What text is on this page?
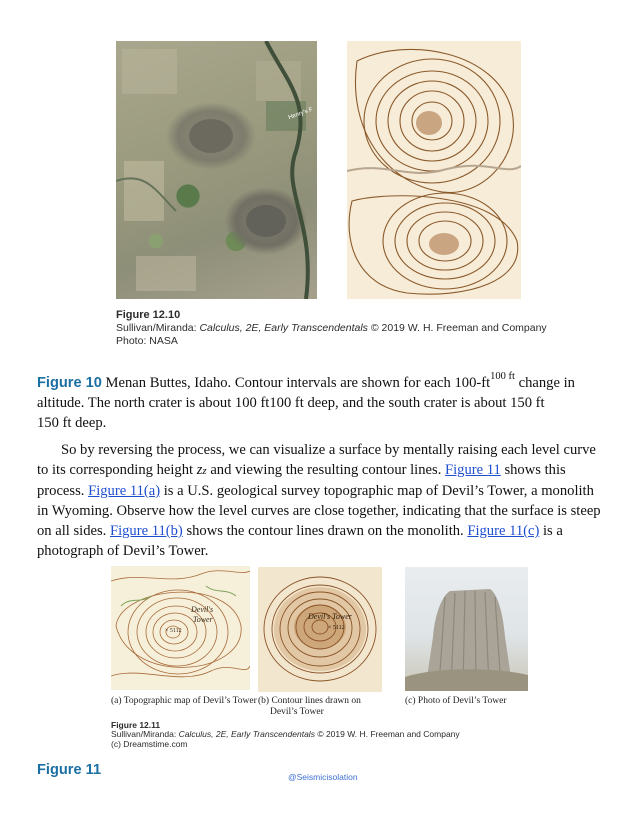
Henry's F
Figure 12.10
Sullivan/Miranda: Calculus, 2E, Early Transcendentals © 2019 W. H. Freeman and Company
Photo: NASA
Figure 10 Menan Buttes, Idaho. Contour intervals are shown for each $100-ft^{100 ft}$ change in altitude. The north crater is about 100 ft100 ft deep, and the south crater is about 150 ft
150 ft deep.
So by reversing the process, we can visualize a surface by mentally raising each level curve to its corresponding height zz and viewing the resulting contour lines. Figure 11 shows this process. Figure 11(a) is a U.S. geological survey topographic map of Devil’s Tower, a monolith in Wyoming. Observe how the level curves are close together, indicating that the surface is steep on all sides. Figure 11(b) shows the contour lines drawn on the monolith. Figure 11(c) is a photograph of Devil’s Tower.
Devil's
Tower
× 5112
Devil's Tower
× 5112
(a) Topographic map of Devil’s Tower (b) Contour lines drawn on
Devil’s Tower
(c) Photo of Devil’s Tower
Figure 12.11
Sullivan/Miranda: Calculus, 2E, Early Transcendentals © 2019 W. H. Freeman and Company
(c) Dreamstime.com
Figure 11	@Seismicisolation
